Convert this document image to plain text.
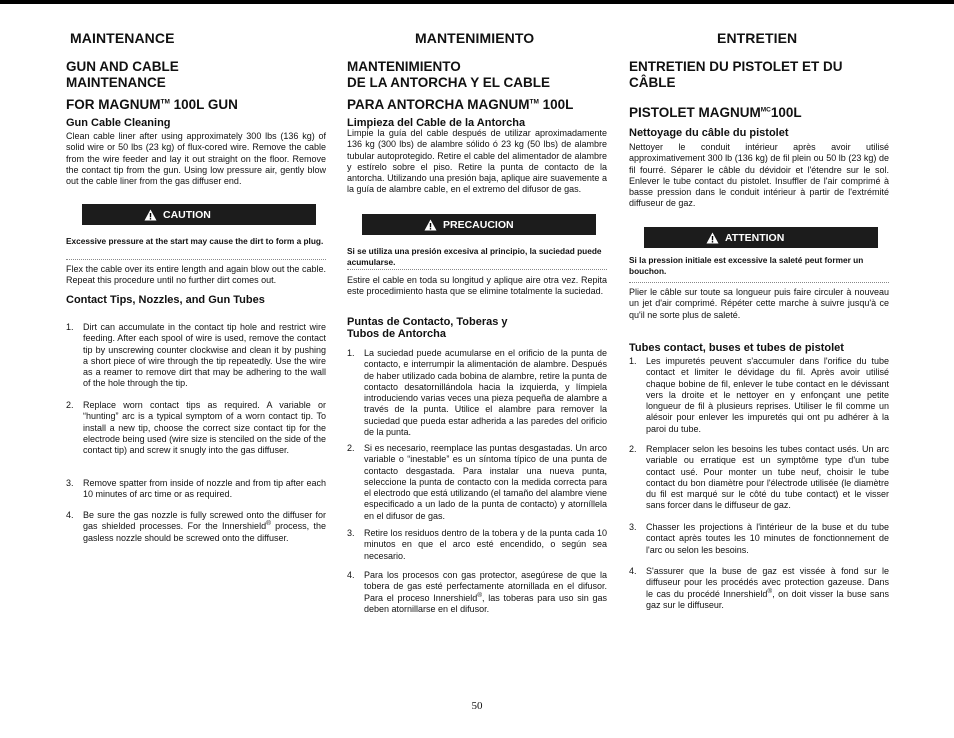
MAINTENANCE
GUN AND CABLE
MAINTENANCE
FOR MAGNUM™ 100L GUN
Gun Cable Cleaning
Clean cable liner after using approximately 300 lbs (136 kg) of solid wire or 50 lbs (23 kg) of flux-cored wire. Remove the cable from the wire feeder and lay it out straight on the floor. Remove the contact tip from the gun. Using low pressure air, gently blow out the cable liner from the gas diffuser end.
CAUTION
Excessive pressure at the start may cause the dirt to form a plug.
Flex the cable over its entire length and again blow out the cable. Repeat this procedure until no further dirt comes out.
Contact Tips, Nozzles, and Gun Tubes
1.	Dirt can accumulate in the contact tip hole and restrict wire feeding. After each spool of wire is used, remove the contact tip by unscrewing counter clockwise and clean it by pushing a short piece of wire through the tip repeatedly. Use the wire as a reamer to remove dirt that may be adhering to the wall of the hole through the tip.
2.	Replace worn contact tips as required. A variable or “hunting” arc is a typical symptom of a worn contact tip. To install a new tip, choose the correct size contact tip for the electrode being used (wire size is stenciled on the side of the contact tip) and screw it snugly into the gas diffuser.
3.	Remove spatter from inside of nozzle and from tip after each 10 minutes of arc time or as required.
4.	Be sure the gas nozzle is fully screwed onto the diffuser for gas shielded processes. For the Innershield® process, the gasless nozzle should be screwed onto the diffuser.
MANTENIMIENTO
MANTENIMIENTO
DE LA ANTORCHA Y EL CABLE
PARA ANTORCHA MAGNUM™ 100L
Limpieza del Cable de la Antorcha
Limpie la guía del cable después de utilizar aproximadamente 136 kg (300 lbs) de alambre sólido ó 23 kg (50 lbs) de alambre tubular autoprotegido. Retire el cable del alimentador de alambre y estírelo sobre el piso. Retire la punta de contacto de la antorcha. Utilizando una presión baja, aplique aire suavemente a la guía de alambre cable, en el extremo del difusor de gas.
PRECAUCION
Si se utiliza una presión excesiva al principio, la suciedad puede acumularse.
Estire el cable en toda su longitud y aplique aire otra vez. Repita este procedimiento hasta que se elimine totalmente la suciedad.
Puntas de Contacto, Toberas y
Tubos de Antorcha
1.	La suciedad puede acumularse en el orificio de la punta de contacto, e interrumpir la alimentación de alambre. Después de haber utilizado cada bobina de alambre, retire la punta de contacto desatornillándola hacia la izquierda, y límpiela introduciendo varias veces una pieza pequeña de alambre a través de la punta. Utilice el alambre para remover la suciedad que pueda estar adherida a las paredes del orificio de la punta.
2.	Si es necesario, reemplace las puntas desgastadas. Un arco variable o “inestable” es un síntoma típico de una punta de contacto desgastada. Para instalar una nueva punta, seleccione la punta de contacto con la medida correcta para el electrodo que está utilizando (el tamaño del alambre viene especificado a un lado de la punta de contacto) y atorníllela en el difusor de gas.
3.	Retire los residuos dentro de la tobera y de la punta cada 10 minutos en que el arco esté encendido, o según sea necesario.
4.	Para los procesos con gas protector, asegúrese de que la tobera de gas esté perfectamente atornillada en el difusor. Para el proceso Innershield®, las toberas para uso sin gas deben atornillarse en el difusor.
ENTRETIEN
ENTRETIEN DU PISTOLET ET DU
CÂBLE
PISTOLET $MAGNUM^{MC}100L$
Nettoyage du câble du pistolet
Nettoyer le conduit intérieur après avoir utilisé approximativement 300 lb (136 kg) de fil plein ou 50 lb (23 kg) de fil fourré. Séparer le câble du dévidoir et l'étendre sur le sol. Enlever le tube contact du pistolet. Insuffler de l'air comprimé à basse pression dans le conduit intérieur à partir de l'extrémité diffuseur de gaz.
ATTENTION
Si la pression initiale est excessive la saleté peut former un bouchon.
Plier le câble sur toute sa longueur puis faire circuler à nouveau un jet d'air comprimé. Répéter cette marche à suivre jusqu'à ce qu'il ne sorte plus de saleté.
Tubes contact, buses et tubes de pistolet
1.	Les impuretés peuvent s'accumuler dans l'orifice du tube contact et limiter le dévidage du fil. Après avoir utilisé chaque bobine de fil, enlever le tube contact en le dévissant vers la droite et le nettoyer en y enfonçant une petite longueur de fil à plusieurs reprises. Utiliser le fil comme un alésoir pour enlever les impuretés qui ont pu adhérer à la paroi du tube.
2.	Remplacer selon les besoins les tubes contact usés. Un arc variable ou erratique est un symptôme type d'un tube contact usé. Pour monter un tube neuf, choisir le tube contact du bon diamètre pour l'électrode utilisée (le diamètre du fil est marqué sur le côté du tube contact) et le visser sans forcer dans le diffuseur de gaz.
3.	Chasser les projections à l'intérieur de la buse et du tube contact après toutes les 10 minutes de fonctionnement de l'arc ou selon les besoins.
4.	S'assurer que la buse de gaz est vissée à fond sur le diffuseur pour les procédés avec protection gazeuse. Dans le cas du procédé Innershield®, on doit visser la buse sans gaz sur le diffuseur.
50
